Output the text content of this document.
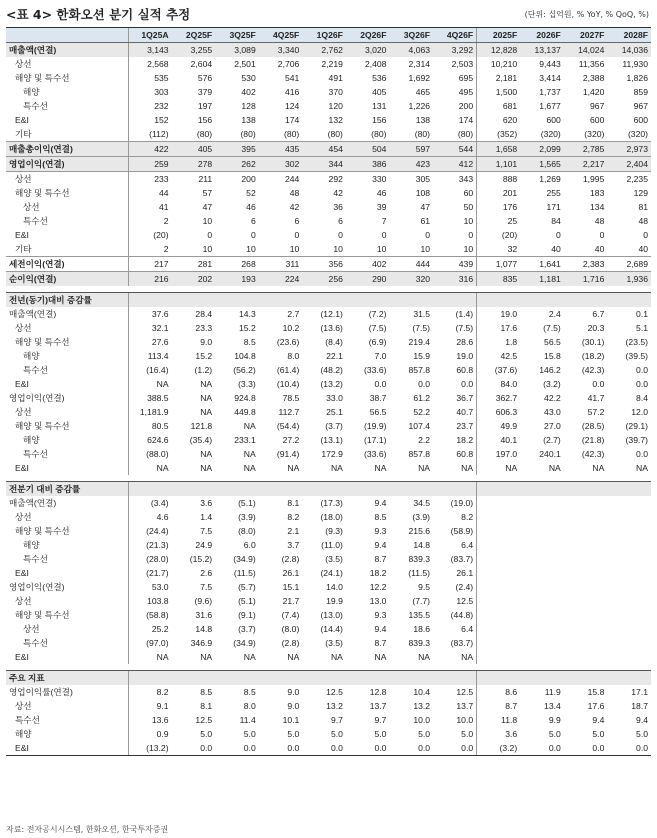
<표 4> 한화오션 분기 실적 추정	(단위: 십억원, % YoY, % QoQ, %)
	1Q25A	2Q25F	3Q25F	4Q25F	1Q26F	2Q26F	3Q26F	4Q26F	2025F	2026F	2027F	2028F
매출액(연결)	3,143	3,255	3,089	3,340	2,762	3,020	4,063	3,292	12,828	13,137	14,024	14,036
상선	2,568	2,604	2,501	2,706	2,219	2,408	2,314	2,503	10,210	9,443	11,356	11,930
해양 및 특수선	535	576	530	541	491	536	1,692	695	2,181	3,414	2,388	1,826
해양	303	379	402	416	370	405	465	495	1,500	1,737	1,420	859
특수선	232	197	128	124	120	131	1,226	200	681	1,677	967	967
E&I	152	156	138	174	132	156	138	174	620	600	600	600
기타	(112)	(80)	(80)	(80)	(80)	(80)	(80)	(80)	(352)	(320)	(320)	(320)
매출총이익(연결)	422	405	395	435	454	504	597	544	1,658	2,099	2,785	2,973
영업이익(연결)	259	278	262	302	344	386	423	412	1,101	1,565	2,217	2,404
상선	233	211	200	244	292	330	305	343	888	1,269	1,995	2,235
해양 및 특수선	44	57	52	48	42	46	108	60	201	255	183	129
상선	41	47	46	42	36	39	47	50	176	171	134	81
특수선	2	10	6	6	6	7	61	10	25	84	48	48
E&I	(20)	0	0	0	0	0	0	0	(20)	0	0	0
기타	2	10	10	10	10	10	10	10	32	40	40	40
세전이익(연결)	217	281	268	311	356	402	444	439	1,077	1,641	2,383	2,689
순이익(연결)	216	202	193	224	256	290	320	316	835	1,181	1,716	1,936

전년(동기)대비 증감률												
매출액(연결)	37.6	28.4	14.3	2.7	(12.1)	(7.2)	31.5	(1.4)	19.0	2.4	6.7	0.1
상선	32.1	23.3	15.2	10.2	(13.6)	(7.5)	(7.5)	(7.5)	17.6	(7.5)	20.3	5.1
해양 및 특수선	27.6	9.0	8.5	(23.6)	(8.4)	(6.9)	219.4	28.6	1.8	56.5	(30.1)	(23.5)
해양	113.4	15.2	104.8	8.0	22.1	7.0	15.9	19.0	42.5	15.8	(18.2)	(39.5)
특수선	(16.4)	(1.2)	(56.2)	(61.4)	(48.2)	(33.6)	857.8	60.8	(37.6)	146.2	(42.3)	0.0
E&I	NA	NA	(3.3)	(10.4)	(13.2)	0.0	0.0	0.0	84.0	(3.2)	0.0	0.0
영업이익(연결)	388.5	NA	924.8	78.5	33.0	38.7	61.2	36.7	362.7	42.2	41.7	8.4
상선	1,181.9	NA	449.8	112.7	25.1	56.5	52.2	40.7	606.3	43.0	57.2	12.0
해양 및 특수선	80.5	121.8	NA	(54.4)	(3.7)	(19.9)	107.4	23.7	49.9	27.0	(28.5)	(29.1)
해양	624.6	(35.4)	233.1	27.2	(13.1)	(17.1)	2.2	18.2	40.1	(2.7)	(21.8)	(39.7)
특수선	(88.0)	NA	NA	(91.4)	172.9	(33.6)	857.8	60.8	197.0	240.1	(42.3)	0.0
E&I	NA	NA	NA	NA	NA	NA	NA	NA	NA	NA	NA	NA

전분기 대비 증감률												
매출액(연결)	(3.4)	3.6	(5.1)	8.1	(17.3)	9.4	34.5	(19.0)				
상선	4.6	1.4	(3.9)	8.2	(18.0)	8.5	(3.9)	8.2				
해양 및 특수선	(24.4)	7.5	(8.0)	2.1	(9.3)	9.3	215.6	(58.9)				
해양	(21.3)	24.9	6.0	3.7	(11.0)	9.4	14.8	6.4				
특수선	(28.0)	(15.2)	(34.9)	(2.8)	(3.5)	8.7	839.3	(83.7)				
E&I	(21.7)	2.6	(11.5)	26.1	(24.1)	18.2	(11.5)	26.1				
영업이익(연결)	53.0	7.5	(5.7)	15.1	14.0	12.2	9.5	(2.4)				
상선	103.8	(9.6)	(5.1)	21.7	19.9	13.0	(7.7)	12.5				
해양 및 특수선	(58.8)	31.6	(9.1)	(7.4)	(13.0)	9.3	135.5	(44.8)				
상선	25.2	14.8	(3.7)	(8.0)	(14.4)	9.4	18.6	6.4				
특수선	(97.0)	346.9	(34.9)	(2.8)	(3.5)	8.7	839.3	(83.7)				
E&I	NA	NA	NA	NA	NA	NA	NA	NA				

주요 지표												
영업이익률(연결)	8.2	8.5	8.5	9.0	12.5	12.8	10.4	12.5	8.6	11.9	15.8	17.1
상선	9.1	8.1	8.0	9.0	13.2	13.7	13.2	13.7	8.7	13.4	17.6	18.7
특수선	13.6	12.5	11.4	10.1	9.7	9.7	10.0	10.0	11.8	9.9	9.4	9.4
해양	0.9	5.0	5.0	5.0	5.0	5.0	5.0	5.0	3.6	5.0	5.0	5.0
E&I	(13.2)	0.0	0.0	0.0	0.0	0.0	0.0	0.0	(3.2)	0.0	0.0	0.0
자료: 전자공시시스템, 한화오션, 한국투자증권
